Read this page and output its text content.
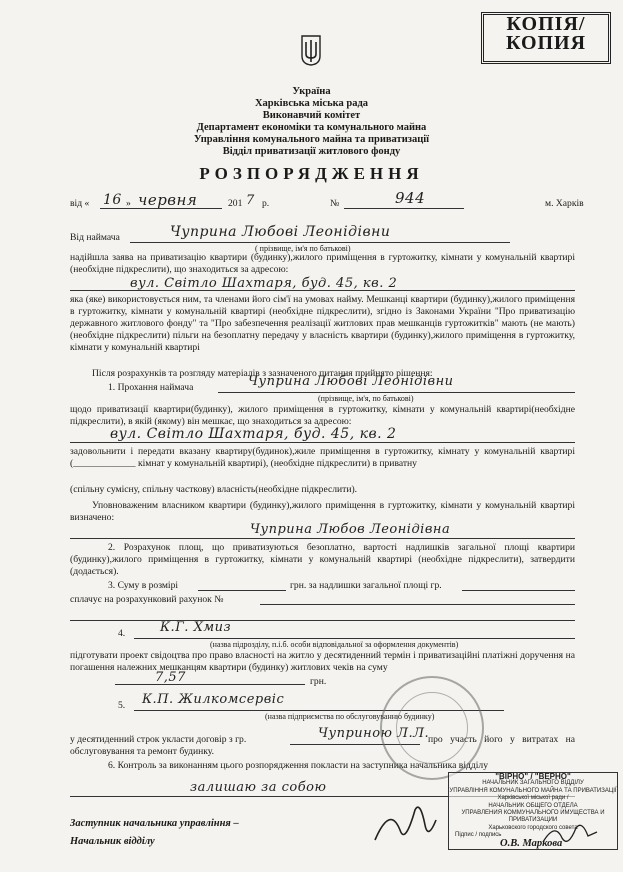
КОПІЯ/
КОПИЯ
Україна
Харківська міська рада
Виконавчий комітет
Департамент економіки та комунального майна
Управління комунального майна та приватизації
Відділ приватизації житлового фонду
РОЗПОРЯДЖЕННЯ
від « 16 » червня	201 7 р.	№	944	м. Харків
Від наймача	Чуприна Любові Леонідівни
( прізвище, ім'я по батькові)
надійшла заява на приватизацію квартири (будинку),жилого приміщення в гуртожитку, кімнати у комунальній квартирі (необхідне підкреслити), що знаходиться за адресою:
вул. Світло Шахтаря, буд. 45, кв. 2
яка (яке) використовується ним, та членами його сім'ї на умовах найму. Мешканці квартири (будинку),жилого приміщення в гуртожитку, кімнати у комунальній квартирі (необхідне підкреслити), згідно із Законами України "Про приватизацію державного житлового фонду" та "Про забезпечення реалізації житлових прав мешканців гуртожитків" мають (не мають) (необхідне підкреслити) пільги на безоплатну передачу у власність квартири (будинку),жилого приміщення в гуртожитку, кімнати у комунальній квартирі
Після розрахунків та розгляду матеріалів з зазначеного питання прийнято рішення:
1. Прохання наймача	Чуприна Любові Леонідівни
(прізвище, ім'я, по батькові)
щодо приватизації квартири(будинку), жилого приміщення в гуртожитку, кімнати у комунальній квартирі(необхідне підкреслити), в якій (якому) він мешкає, що знаходиться за адресою:
вул. Світло Шахтаря, буд. 45, кв. 2
задовольнити і передати вказану квартиру(будинок),жиле приміщення в гуртожитку, кімнату у комунальній квартирі (_____________ кімнат у комунальній квартирі), (необхідне підкреслити) в приватну
(спільну сумісну, спільну часткову) власність(необхідне підкреслити).
Уповноваженим власником квартири (будинку),жилого приміщення в гуртожитку, кімнати у комунальній квартирі визначено:
Чуприна Любов Леонідівна
2. Розрахунок площ, що приватизуються безоплатно, вартості надлишків загальної площі квартири (будинку),жилого приміщення в гуртожитку, кімнати у комунальній квартирі (необхідне підкреслити), затвердити (додається).
3. Суму в розмірі	грн. за надлишки загальної площі гр.
сплачує на розрахунковий рахунок №
4.	К.Г. Хмиз
(назва підрозділу, п.і.б. особи відповідальної за оформлення документів)
підготувати проект свідоцтва про право власності на житло у десятиденний термін і приватизаційні платіжні доручення на погашення належних мешканцям квартири (будинку) житлових чеків на суму
7,57	грн.
5. К.П. Жилкомсервіс
(назва підприємства по обслуговуванню будинку)
у десятиденний строк укласти договір з гр.	Чуприною Л.Л.
про участь його у витратах на обслуговування та ремонт будинку.
6. Контроль за виконанням цього розпорядження покласти на заступника начальника відділу
залишаю за собою
"ВІРНО" / "ВЕРНО"
НАЧАЛЬНИК ЗАГАЛЬНОГО ВІДДІЛУ
УПРАВЛІННЯ КОМУНАЛЬНОГО МАЙНА ТА ПРИВАТИЗАЦІЇ
Харківської міської ради /
НАЧАЛЬНИК ОБЩЕГО ОТДЕЛА
УПРАВЛЕНИЯ КОММУНАЛЬНОГО ИМУЩЕСТВА И ПРИВАТИЗАЦИИ
Харьковского городского совета
Підпис / подпись
Заступник начальника управління –
Начальник відділу	О.В. Маркова
